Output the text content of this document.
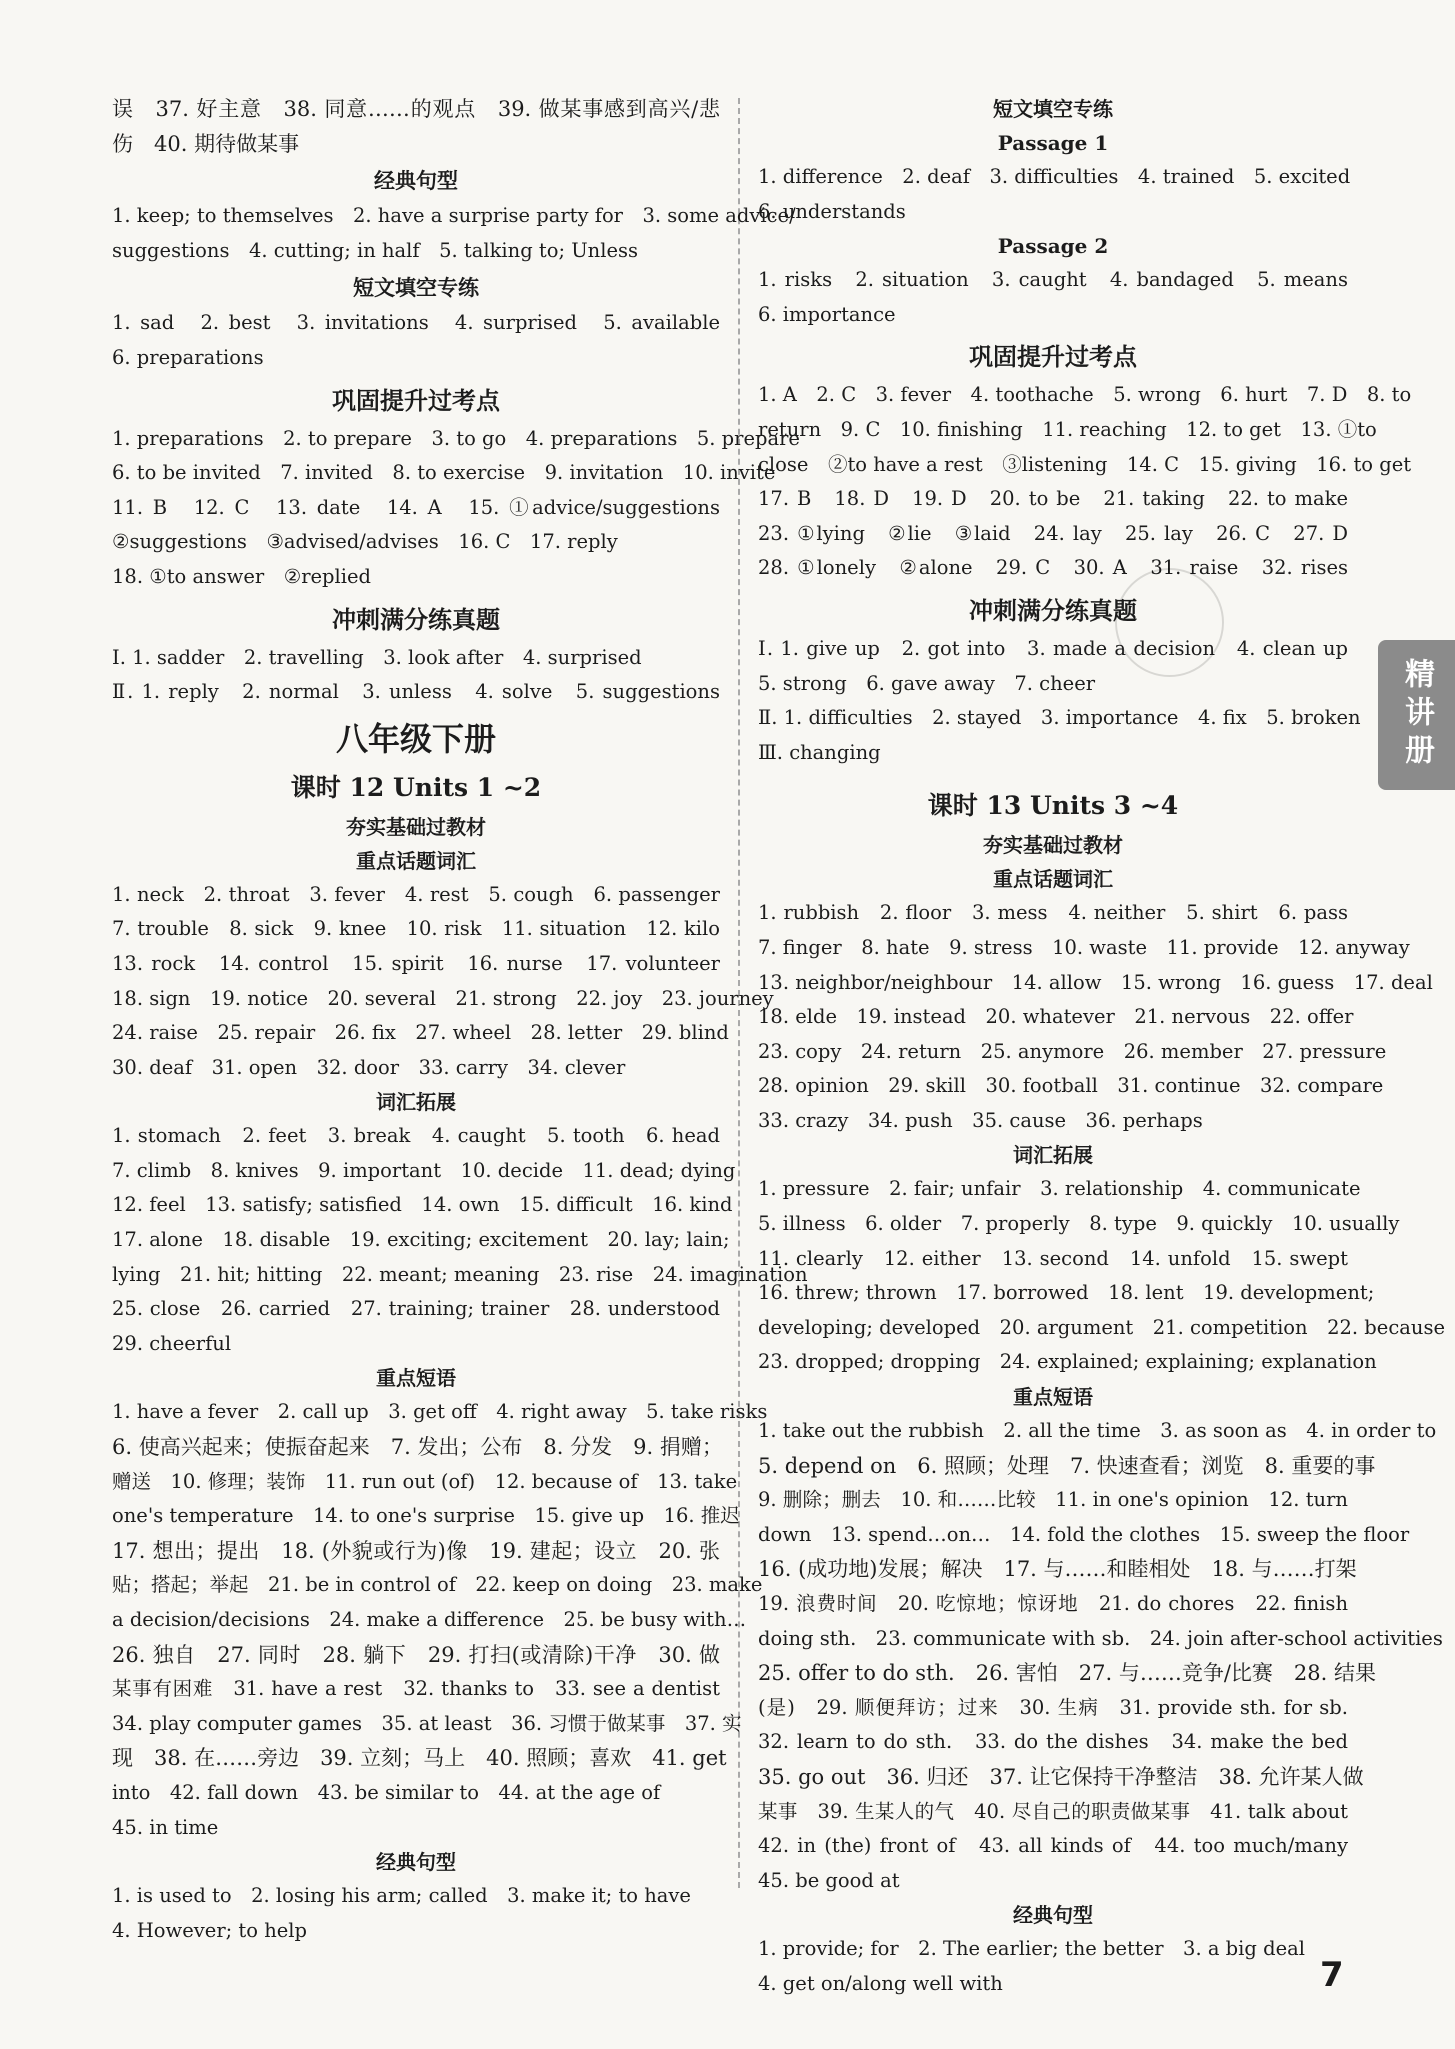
误　37. 好主意　38. 同意……的观点　39. 做某事感到高兴/悲
伤　40. 期待做某事
经典句型
1. keep; to themselves　2. have a surprise party for　3. some advice/
suggestions　4. cutting; in half　5. talking to; Unless
短文填空专练
1. sad　2. best　3. invitations　4. surprised　5. available
6. preparations
巩固提升过考点
1. preparations　2. to prepare　3. to go　4. preparations　5. prepare
6. to be invited　7. invited　8. to exercise　9. invitation　10. invite
11. B　12. C　13. date　14. A　15. ①advice/suggestions
②suggestions　③advised/advises　16. C　17. reply
18. ①to answer　②replied
冲刺满分练真题
Ⅰ. 1. sadder　2. travelling　3. look after　4. surprised
Ⅱ. 1. reply　2. normal　3. unless　4. solve　5. suggestions
八年级下册
课时 12 Units 1 ~2
夯实基础过教材
重点话题词汇
1. neck　2. throat　3. fever　4. rest　5. cough　6. passenger
7. trouble　8. sick　9. knee　10. risk　11. situation　12. kilo
13. rock　14. control　15. spirit　16. nurse　17. volunteer
18. sign　19. notice　20. several　21. strong　22. joy　23. journey
24. raise　25. repair　26. fix　27. wheel　28. letter　29. blind
30. deaf　31. open　32. door　33. carry　34. clever
词汇拓展
1. stomach　2. feet　3. break　4. caught　5. tooth　6. head
7. climb　8. knives　9. important　10. decide　11. dead; dying
12. feel　13. satisfy; satisfied　14. own　15. difficult　16. kind
17. alone　18. disable　19. exciting; excitement　20. lay; lain;
lying　21. hit; hitting　22. meant; meaning　23. rise　24. imagination
25. close　26. carried　27. training; trainer　28. understood
29. cheerful
重点短语
1. have a fever　2. call up　3. get off　4. right away　5. take risks
6. 使高兴起来；使振奋起来　7. 发出；公布　8. 分发　9. 捐赠；
赠送　10. 修理；装饰　11. run out (of)　12. because of　13. take
one's temperature　14. to one's surprise　15. give up　16. 推迟
17. 想出；提出　18. (外貌或行为)像　19. 建起；设立　20. 张
贴；搭起；举起　21. be in control of　22. keep on doing　23. make
a decision/decisions　24. make a difference　25. be busy with…
26. 独自　27. 同时　28. 躺下　29. 打扫(或清除)干净　30. 做
某事有困难　31. have a rest　32. thanks to　33. see a dentist
34. play computer games　35. at least　36. 习惯于做某事　37. 实
现　38. 在……旁边　39. 立刻；马上　40. 照顾；喜欢　41. get
into　42. fall down　43. be similar to　44. at the age of
45. in time
经典句型
1. is used to　2. losing his arm; called　3. make it; to have
4. However; to help
短文填空专练
Passage 1
1. difference　2. deaf　3. difficulties　4. trained　5. excited
6. understands
Passage 2
1. risks　2. situation　3. caught　4. bandaged　5. means
6. importance
巩固提升过考点
1. A　2. C　3. fever　4. toothache　5. wrong　6. hurt　7. D　8. to
return　9. C　10. finishing　11. reaching　12. to get　13. ①to
close　②to have a rest　③listening　14. C　15. giving　16. to get
17. B　18. D　19. D　20. to be　21. taking　22. to make
23. ①lying　②lie　③laid　24. lay　25. lay　26. C　27. D
28. ①lonely　②alone　29. C　30. A　31. raise　32. rises
冲刺满分练真题
Ⅰ. 1. give up　2. got into　3. made a decision　4. clean up
5. strong　6. gave away　7. cheer
Ⅱ. 1. difficulties　2. stayed　3. importance　4. fix　5. broken
Ⅲ. changing
课时 13 Units 3 ~4
夯实基础过教材
重点话题词汇
1. rubbish　2. floor　3. mess　4. neither　5. shirt　6. pass
7. finger　8. hate　9. stress　10. waste　11. provide　12. anyway
13. neighbor/neighbour　14. allow　15. wrong　16. guess　17. deal
18. elde　19. instead　20. whatever　21. nervous　22. offer
23. copy　24. return　25. anymore　26. member　27. pressure
28. opinion　29. skill　30. football　31. continue　32. compare
33. crazy　34. push　35. cause　36. perhaps
词汇拓展
1. pressure　2. fair; unfair　3. relationship　4. communicate
5. illness　6. older　7. properly　8. type　9. quickly　10. usually
11. clearly　12. either　13. second　14. unfold　15. swept
16. threw; thrown　17. borrowed　18. lent　19. development;
developing; developed　20. argument　21. competition　22. because
23. dropped; dropping　24. explained; explaining; explanation
重点短语
1. take out the rubbish　2. all the time　3. as soon as　4. in order to
5. depend on　6. 照顾；处理　7. 快速查看；浏览　8. 重要的事
9. 删除；删去　10. 和……比较　11. in one's opinion　12. turn
down　13. spend…on…　14. fold the clothes　15. sweep the floor
16. (成功地)发展；解决　17. 与……和睦相处　18. 与……打架
19. 浪费时间　20. 吃惊地；惊讶地　21. do chores　22. finish
doing sth.　23. communicate with sb.　24. join after-school activities
25. offer to do sth.　26. 害怕　27. 与……竞争/比赛　28. 结果
(是)　29. 顺便拜访；过来　30. 生病　31. provide sth. for sb.
32. learn to do sth.　33. do the dishes　34. make the bed
35. go out　36. 归还　37. 让它保持干净整洁　38. 允许某人做
某事　39. 生某人的气　40. 尽自己的职责做某事　41. talk about
42. in (the) front of　43. all kinds of　44. too much/many
45. be good at
经典句型
1. provide; for　2. The earlier; the better　3. a big deal
4. get on/along well with
精讲册
7
